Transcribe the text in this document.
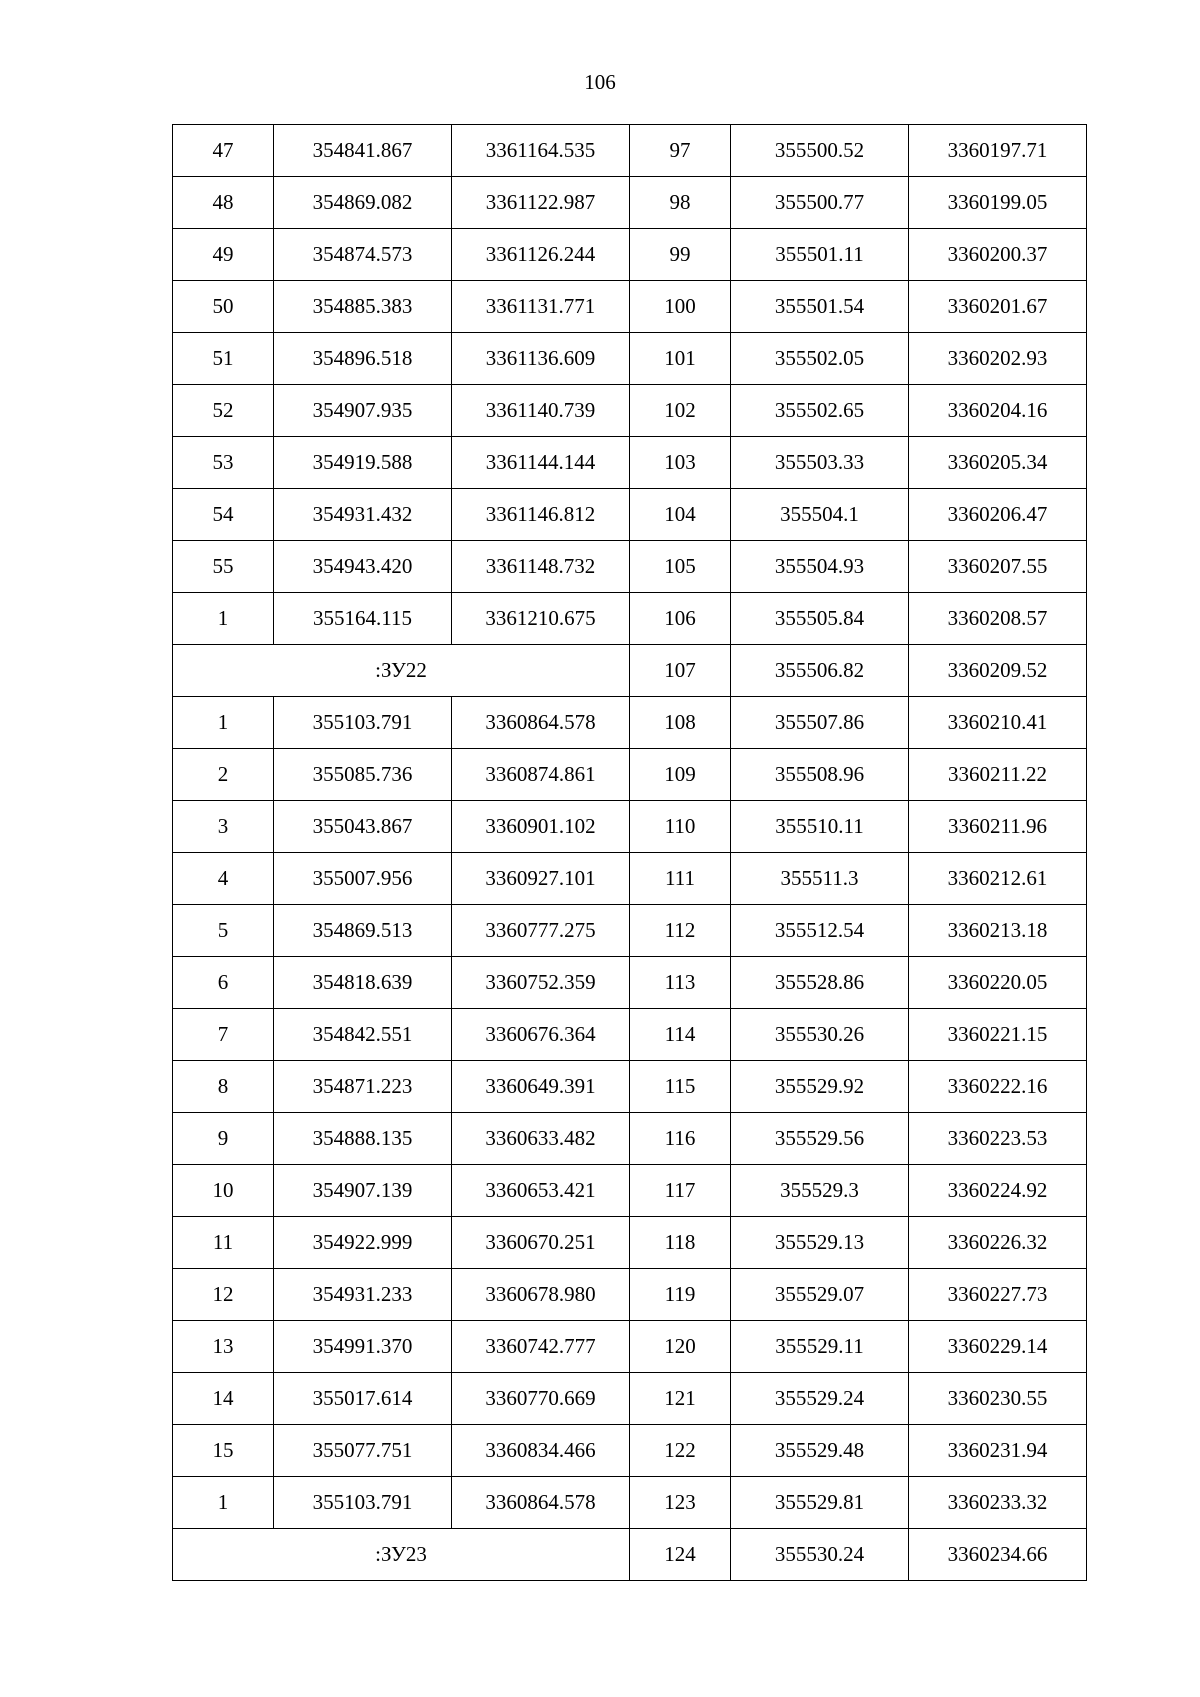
106
47	354841.867	3361164.535	97	355500.52	3360197.71
48	354869.082	3361122.987	98	355500.77	3360199.05
49	354874.573	3361126.244	99	355501.11	3360200.37
50	354885.383	3361131.771	100	355501.54	3360201.67
51	354896.518	3361136.609	101	355502.05	3360202.93
52	354907.935	3361140.739	102	355502.65	3360204.16
53	354919.588	3361144.144	103	355503.33	3360205.34
54	354931.432	3361146.812	104	355504.1	3360206.47
55	354943.420	3361148.732	105	355504.93	3360207.55
1	355164.115	3361210.675	106	355505.84	3360208.57
:ЗУ22			107	355506.82	3360209.52
1	355103.791	3360864.578	108	355507.86	3360210.41
2	355085.736	3360874.861	109	355508.96	3360211.22
3	355043.867	3360901.102	110	355510.11	3360211.96
4	355007.956	3360927.101	111	355511.3	3360212.61
5	354869.513	3360777.275	112	355512.54	3360213.18
6	354818.639	3360752.359	113	355528.86	3360220.05
7	354842.551	3360676.364	114	355530.26	3360221.15
8	354871.223	3360649.391	115	355529.92	3360222.16
9	354888.135	3360633.482	116	355529.56	3360223.53
10	354907.139	3360653.421	117	355529.3	3360224.92
11	354922.999	3360670.251	118	355529.13	3360226.32
12	354931.233	3360678.980	119	355529.07	3360227.73
13	354991.370	3360742.777	120	355529.11	3360229.14
14	355017.614	3360770.669	121	355529.24	3360230.55
15	355077.751	3360834.466	122	355529.48	3360231.94
1	355103.791	3360864.578	123	355529.81	3360233.32
:ЗУ23			124	355530.24	3360234.66
